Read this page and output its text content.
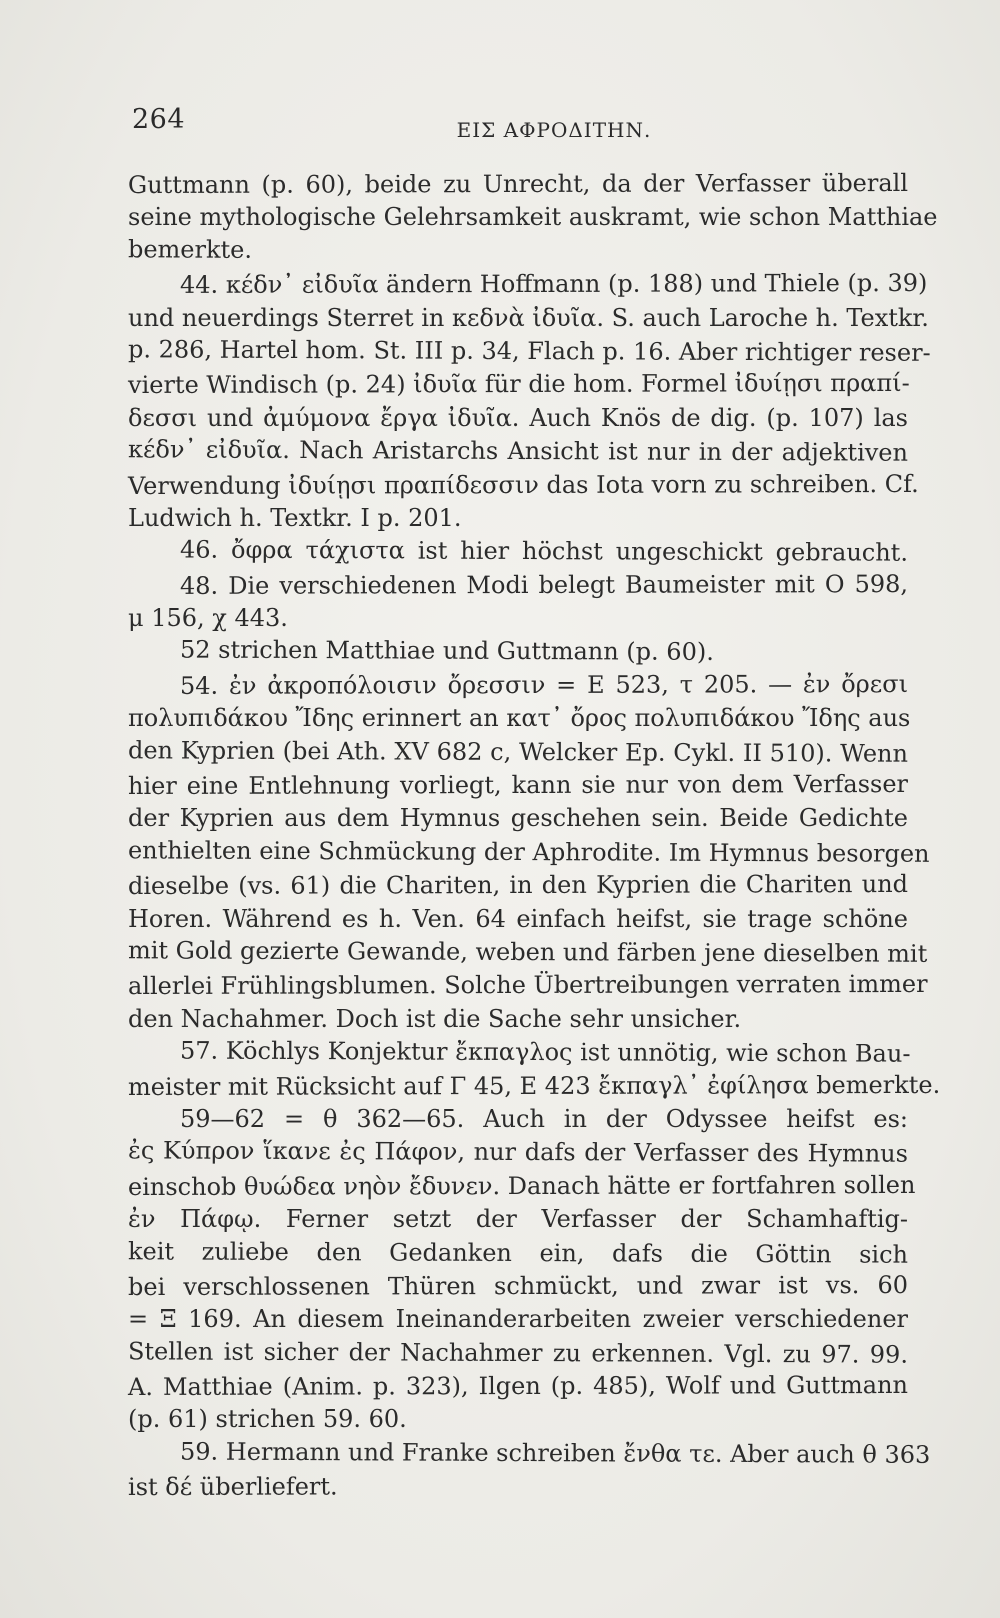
264	ΕΙΣ ΑΦΡΟΔΙΤΗΝ.
Guttmann (p. 60), beide zu Unrecht, da der Verfasser überall
seine mythologische Gelehrsamkeit auskramt, wie schon Matthiae
bemerkte.
44. κέδν᾽ εἰδυῖα ändern Hoffmann (p. 188) und Thiele (p. 39)
und neuerdings Sterret in κεδνὰ ἰδυῖα. S. auch Laroche h. Textkr.
p. 286, Hartel hom. St. III p. 34, Flach p. 16. Aber richtiger reser-
vierte Windisch (p. 24) ἰδυῖα für die hom. Formel ἰδυίῃσι πραπί-
δεσσι und ἀμύμονα ἔργα ἰδυῖα. Auch Knös de dig. (p. 107) las
κέδν᾽ εἰδυῖα. Nach Aristarchs Ansicht ist nur in der adjektiven
Verwendung ἰδυίῃσι πραπίδεσσιν das Iota vorn zu schreiben. Cf.
Ludwich h. Textkr. I p. 201.
46. ὄφρα τάχιστα ist hier höchst ungeschickt gebraucht.
48. Die verschiedenen Modi belegt Baumeister mit O 598,
μ 156, χ 443.
52 strichen Matthiae und Guttmann (p. 60).
54. ἐν ἀκροπόλοισιν ὄρεσσιν = E 523, τ 205. — ἐν ὄρεσι
πολυπιδάκου Ἴδης erinnert an κατ᾽ ὄρος πολυπιδάκου Ἴδης aus
den Kyprien (bei Ath. XV 682 c, Welcker Ep. Cykl. II 510). Wenn
hier eine Entlehnung vorliegt, kann sie nur von dem Verfasser
der Kyprien aus dem Hymnus geschehen sein. Beide Gedichte
enthielten eine Schmückung der Aphrodite. Im Hymnus besorgen
dieselbe (vs. 61) die Chariten, in den Kyprien die Chariten und
Horen. Während es h. Ven. 64 einfach heifst, sie trage schöne
mit Gold gezierte Gewande, weben und färben jene dieselben mit
allerlei Frühlingsblumen. Solche Übertreibungen verraten immer
den Nachahmer. Doch ist die Sache sehr unsicher.
57. Köchlys Konjektur ἔκπαγλος ist unnötig, wie schon Bau-
meister mit Rücksicht auf Γ 45, E 423 ἔκπαγλ᾽ ἐφίλησα bemerkte.
59—62 = θ 362—65. Auch in der Odyssee heifst es:
ἐς Κύπρον ἵκανε ἐς Πάφον, nur dafs der Verfasser des Hymnus
einschob θυώδεα νηὸν ἔδυνεν. Danach hätte er fortfahren sollen
ἐν Πάφῳ. Ferner setzt der Verfasser der Schamhaftig-
keit zuliebe den Gedanken ein, dafs die Göttin sich
bei verschlossenen Thüren schmückt, und zwar ist vs. 60
= Ξ 169. An diesem Ineinanderarbeiten zweier verschiedener
Stellen ist sicher der Nachahmer zu erkennen. Vgl. zu 97. 99.
A. Matthiae (Anim. p. 323), Ilgen (p. 485), Wolf und Guttmann
(p. 61) strichen 59. 60.
59. Hermann und Franke schreiben ἔνθα τε. Aber auch θ 363
ist δέ überliefert.
